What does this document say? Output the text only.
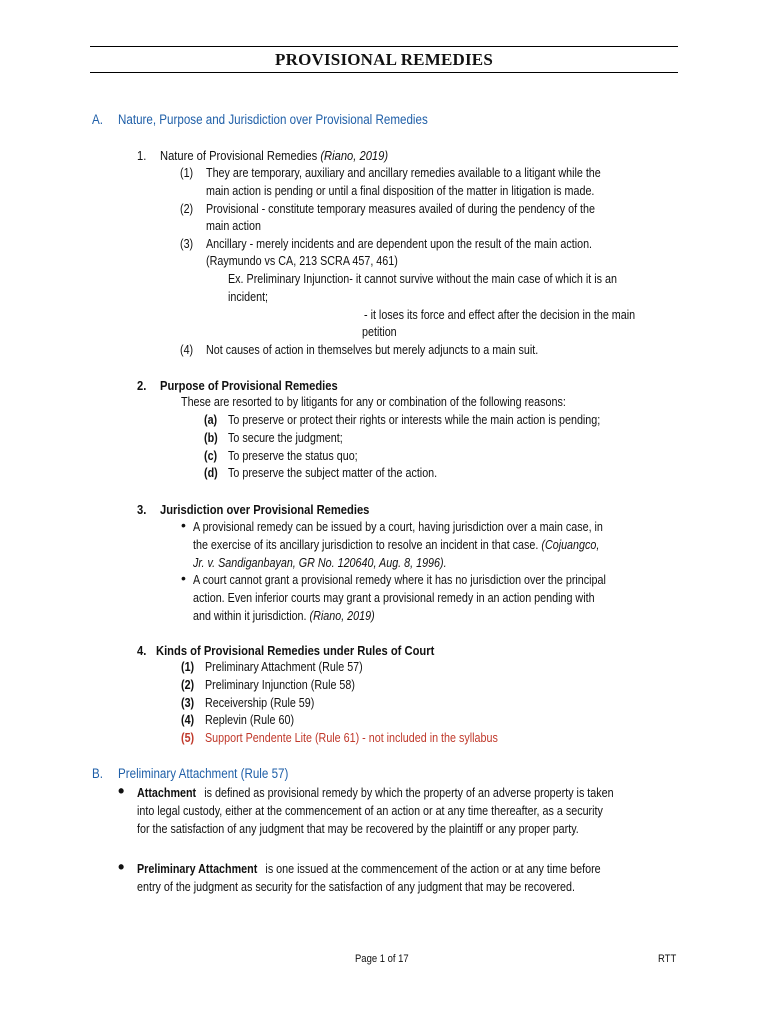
PROVISIONAL REMEDIES
A. Nature, Purpose and Jurisdiction over Provisional Remedies
1. Nature of Provisional Remedies (Riano, 2019)
(1) They are temporary, auxiliary and ancillary remedies available to a litigant while the
main action is pending or until a final disposition of the matter in litigation is made.
(2) Provisional - constitute temporary measures availed of during the pendency of the
main action
(3) Ancillary - merely incidents and are dependent upon the result of the main action.
(Raymundo vs CA, 213 SCRA 457, 461)
Ex. Preliminary Injunction- it cannot survive without the main case of which it is an
incident;
- it loses its force and effect after the decision in the main
petition
(4) Not causes of action in themselves but merely adjuncts to a main suit.
2. Purpose of Provisional Remedies
These are resorted to by litigants for any or combination of the following reasons:
(a) To preserve or protect their rights or interests while the main action is pending;
(b) To secure the judgment;
(c) To preserve the status quo;
(d) To preserve the subject matter of the action.
3. Jurisdiction over Provisional Remedies
• A provisional remedy can be issued by a court, having jurisdiction over a main case, in
the exercise of its ancillary jurisdiction to resolve an incident in that case. (Cojuangco,
Jr. v. Sandiganbayan, GR No. 120640, Aug. 8, 1996).
• A court cannot grant a provisional remedy where it has no jurisdiction over the principal
action. Even inferior courts may grant a provisional remedy in an action pending with
and within it jurisdiction. (Riano, 2019)
4. Kinds of Provisional Remedies under Rules of Court
(1) Preliminary Attachment (Rule 57)
(2) Preliminary Injunction (Rule 58)
(3) Receivership (Rule 59)
(4) Replevin (Rule 60)
(5) Support Pendente Lite (Rule 61) - not included in the syllabus
B. Preliminary Attachment (Rule 57)
• Attachment is defined as provisional remedy by which the property of an adverse property is taken
into legal custody, either at the commencement of an action or at any time thereafter, as a security
for the satisfaction of any judgment that may be recovered by the plaintiff or any proper party.
• Preliminary Attachment is one issued at the commencement of the action or at any time before
entry of the judgment as security for the satisfaction of any judgment that may be recovered.
Page 1 of 17	RTT
